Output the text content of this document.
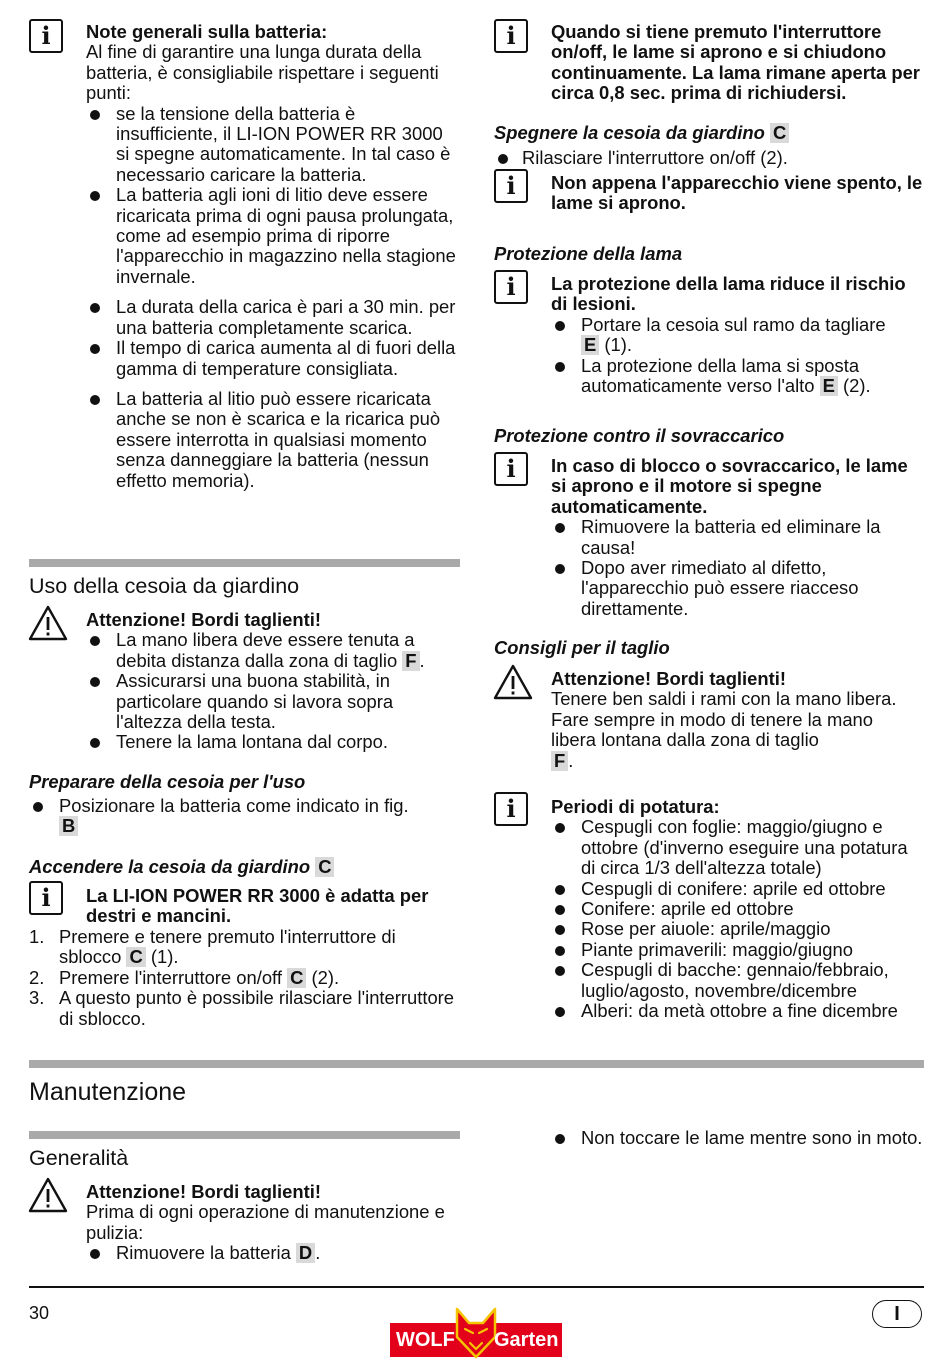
i Note generali sulla batteria:

Al fine di garantire una lunga durata della batteria, è consigliabile rispettare i seguenti punti:

se la tensione della batteria è insufficiente, il LI-ION POWER RR 3000 si spegne automaticamente. In tal caso è necessario caricare la batteria.
La batteria agli ioni di litio deve essere ricaricata prima di ogni pausa prolungata, come ad esempio prima di riporre l'apparecchio in magazzino nella stagione invernale.
La durata della carica è pari a 30 min. per una batteria completamente scarica.
Il tempo di carica aumenta al di fuori della gamma di temperature consigliata.
La batteria al litio può essere ricaricata anche se non è scarica e la ricarica può essere interrotta in qualsiasi momento senza danneggiare la batteria (nessun effetto memoria).
Uso della cesoia da giardino

Attenzione! Bordi taglienti!

La mano libera deve essere tenuta a debita distanza dalla zona di taglio F .
Assicurarsi una buona stabilità, in particolare quando si lavora sopra l'altezza della testa.
Tenere la lama lontana dal corpo.
Preparare della cesoia per l'uso
Posizionare la batteria come indicato in fig.
B
Accendere la cesoia da giardino C
i La LI-ION POWER RR 3000 è adatta per destri e mancini.

1. Premere e tenere premuto l'interruttore di sblocco C (1).
2. Premere l'interruttore on/off C (2).
3. A questo punto è possibile rilasciare l'interruttore di sblocco.
i Quando si tiene premuto l'interruttore on/off, le lame si aprono e si chiudono continuamente. La lama rimane aperta per circa 0,8 sec. prima di richiudersi.

Spegnere la cesoia da giardino C
Rilasciare l'interruttore on/off (2).
i Non appena l'apparecchio viene spento, le lame si aprono.

Protezione della lama
i La protezione della lama riduce il rischio di lesioni.

Portare la cesoia sul ramo da tagliare
E (1).
La protezione della lama si sposta automaticamente verso l'alto E (2).
Protezione contro il sovraccarico
i In caso di blocco o sovraccarico, le lame si aprono e il motore si spegne automaticamente.

Rimuovere la batteria ed eliminare la causa!
Dopo aver rimediato al difetto, l'apparecchio può essere riacceso direttamente.
Consigli per il taglio

Attenzione! Bordi taglienti!

Tenere ben saldi i rami con la mano libera. Fare sempre in modo di tenere la mano libera lontana dalla zona di taglio
F .

i Periodi di potatura:

Cespugli con foglie: maggio/giugno e ottobre (d'inverno eseguire una potatura di circa 1/3 dell'altezza totale)
Cespugli di conifere: aprile ed ottobre
Conifere: aprile ed ottobre
Rose per aiuole: aprile/maggio
Piante primaverili: maggio/giugno
Cespugli di bacche: gennaio/febbraio, luglio/agosto, novembre/dicembre
Alberi: da metà ottobre a fine dicembre
Manutenzione
Generalità

Attenzione! Bordi taglienti!

Prima di ogni operazione di manutenzione e pulizia:

Rimuovere la batteria D .
Non toccare le lame mentre sono in moto.
30	I
WOLF Garten
